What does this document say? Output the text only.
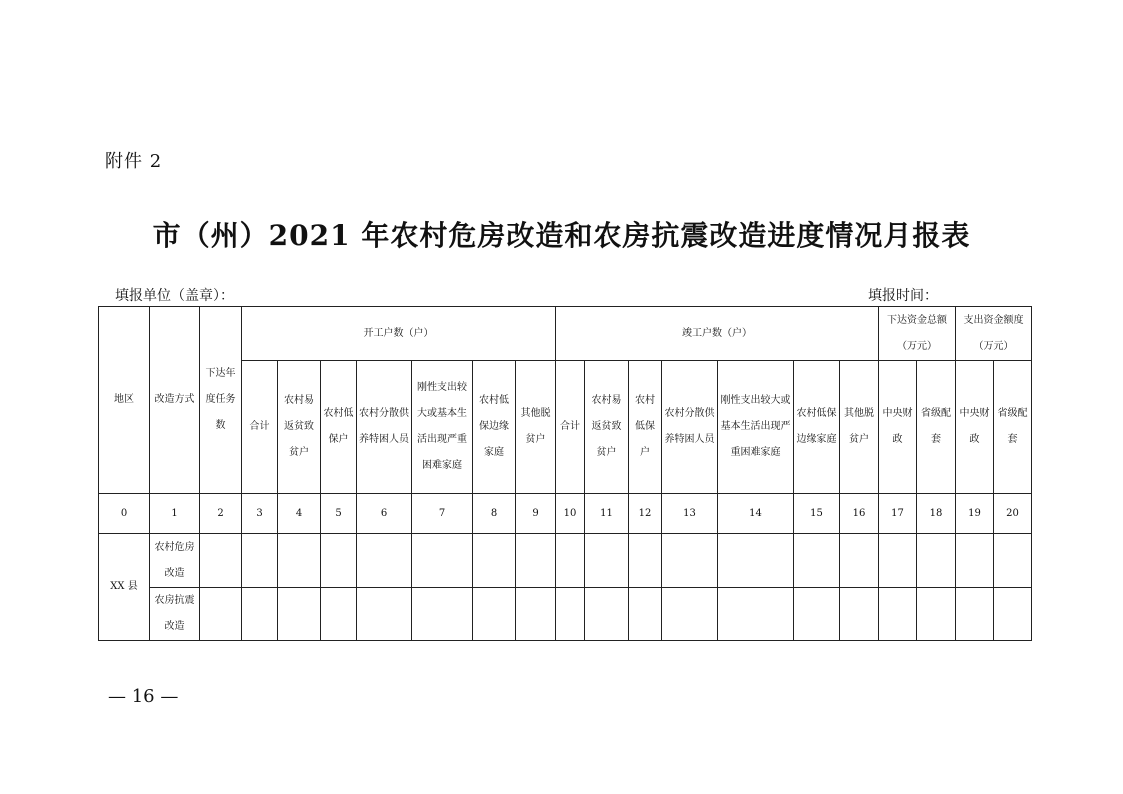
附件 2
市（州）2021 年农村危房改造和农房抗震改造进度情况月报表
填报单位（盖章）：	填报时间：
地区	改造方式	下达年度任务数	开工户数（户）							竣工户数（户）							下达资金总额（万元）		支出资金额度（万元）	
			合计	农村易返贫致贫户	农村低保户	农村分散供养特困人员	刚性支出较大或基本生活出现严重困难家庭	农村低保边缘家庭	其他脱贫户	合计	农村易返贫致贫户	农村低保户	农村分散供养特困人员	刚性支出较大或基本生活出现严重困难家庭	农村低保边缘家庭	其他脱贫户	中央财政	省级配套	中央财政	省级配套
0	1	2	3	4	5	6	7	8	9	10	11	12	13	14	15	16	17	18	19	20
XX 县	农村危房改造																			
	农房抗震改造																			
— 16 —
